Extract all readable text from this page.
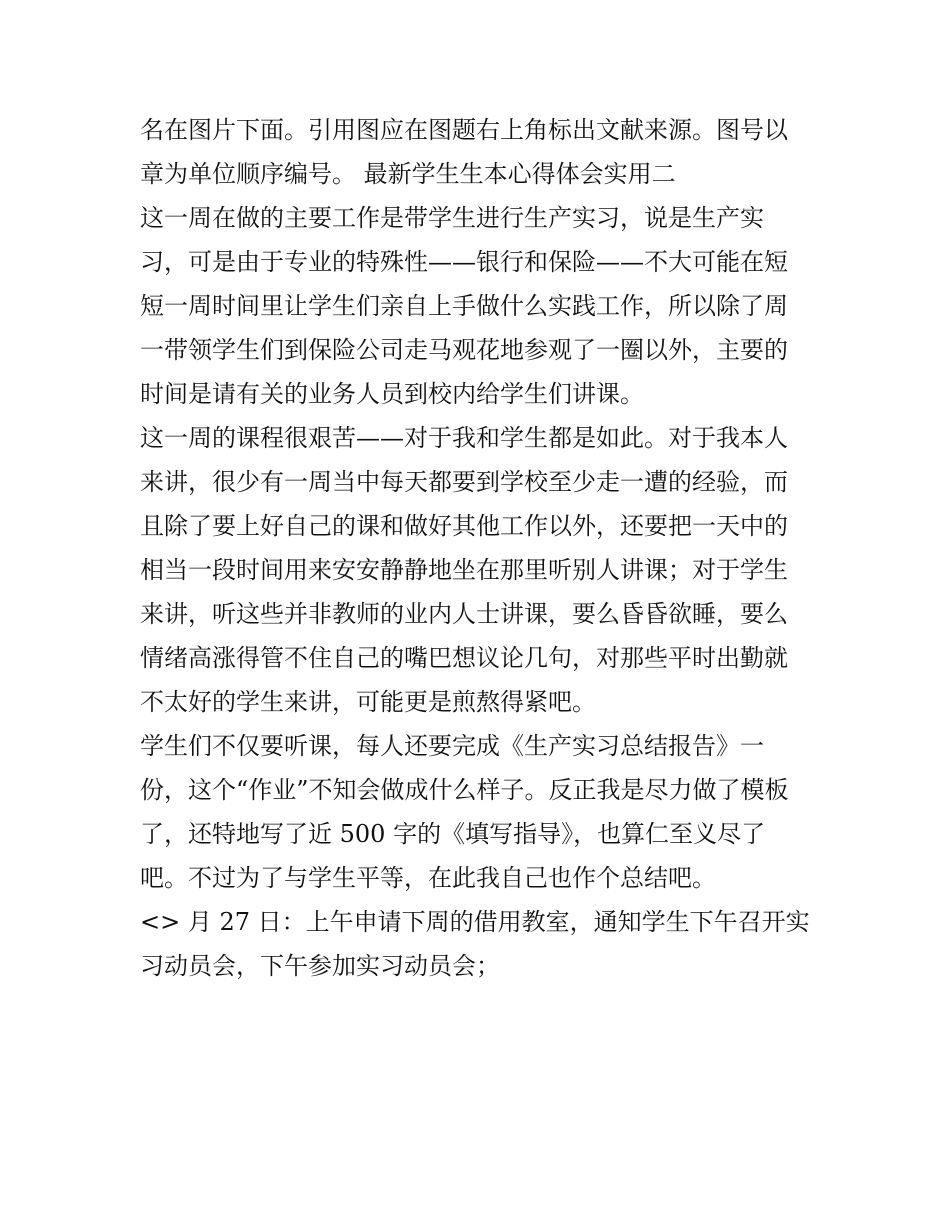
名在图片下面。引用图应在图题右上角标出文献来源。图号以
章为单位顺序编号。 最新学生生本心得体会实用二
这一周在做的主要工作是带学生进行生产实习，说是生产实
习，可是由于专业的特殊性——银行和保险——不大可能在短
短一周时间里让学生们亲自上手做什么实践工作，所以除了周
一带领学生们到保险公司走马观花地参观了一圈以外，主要的
时间是请有关的业务人员到校内给学生们讲课。
这一周的课程很艰苦——对于我和学生都是如此。对于我本人
来讲，很少有一周当中每天都要到学校至少走一遭的经验，而
且除了要上好自己的课和做好其他工作以外，还要把一天中的
相当一段时间用来安安静静地坐在那里听别人讲课；对于学生
来讲，听这些并非教师的业内人士讲课，要么昏昏欲睡，要么
情绪高涨得管不住自己的嘴巴想议论几句，对那些平时出勤就
不太好的学生来讲，可能更是煎熬得紧吧。
学生们不仅要听课，每人还要完成《生产实习总结报告》一
份，这个“作业”不知会做成什么样子。反正我是尽力做了模板
了，还特地写了近 500 字的《填写指导》，也算仁至义尽了
吧。不过为了与学生平等，在此我自己也作个总结吧。
<> 月 27 日：上午申请下周的借用教室，通知学生下午召开实
习动员会，下午参加实习动员会；
